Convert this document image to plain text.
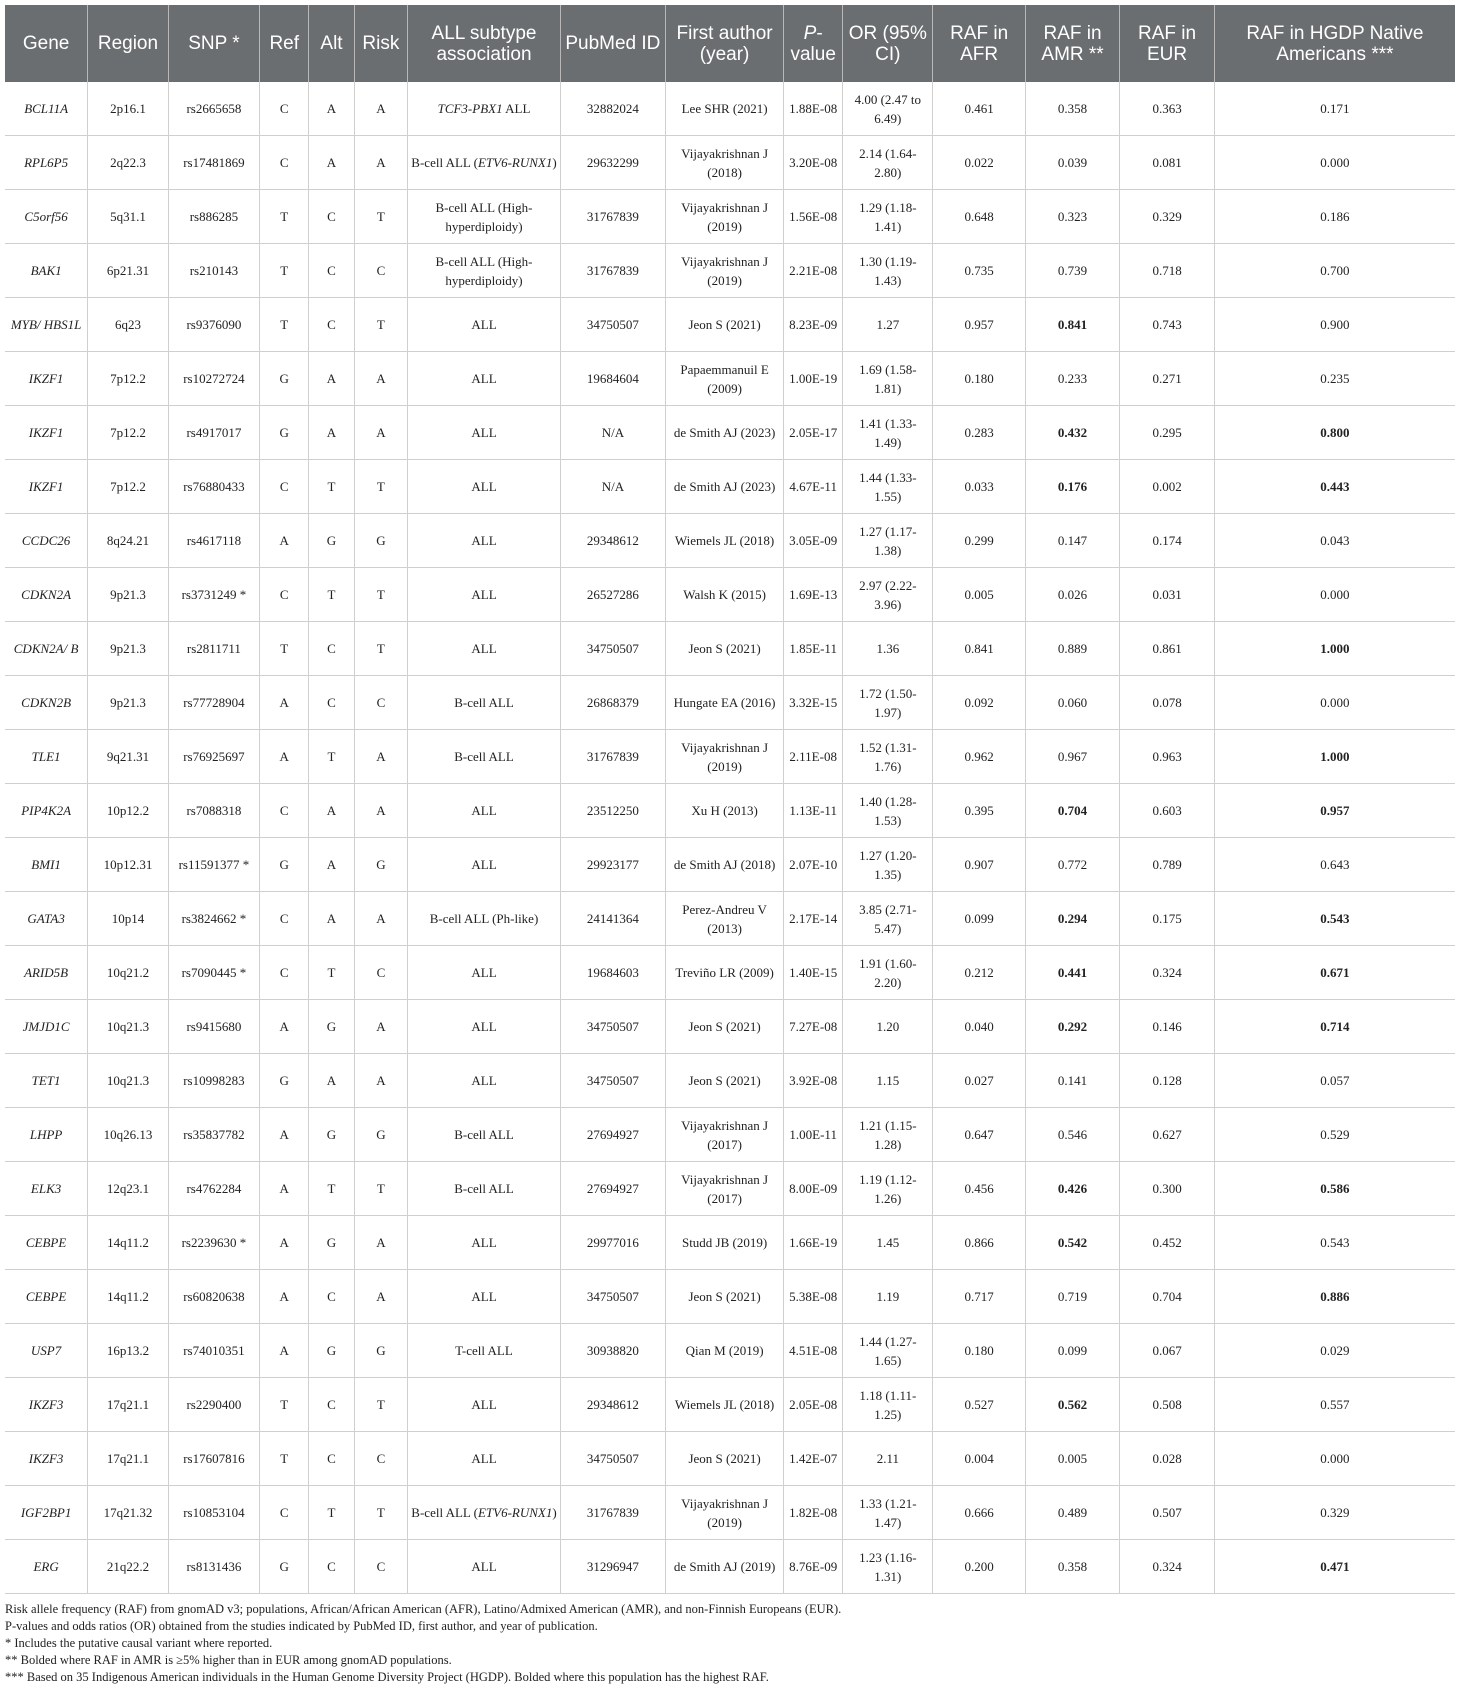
Gene	Region	SNP *	Ref	Alt	Risk	ALL subtype association	PubMed ID	First author (year)	P-value	OR (95% CI)	RAF in AFR	RAF in AMR **	RAF in EUR	RAF in HGDP Native Americans ***
BCL11A	2p16.1	rs2665658	C	A	A	TCF3-PBX1 ALL	32882024	Lee SHR (2021)	1.88E-08	4.00 (2.47 to 6.49)	0.461	0.358	0.363	0.171
RPL6P5	2q22.3	rs17481869	C	A	A	B-cell ALL (ETV6-RUNX1)	29632299	Vijayakrishnan J (2018)	3.20E-08	2.14 (1.64-2.80)	0.022	0.039	0.081	0.000
C5orf56	5q31.1	rs886285	T	C	T	B-cell ALL (High-hyperdiploidy)	31767839	Vijayakrishnan J (2019)	1.56E-08	1.29 (1.18-1.41)	0.648	0.323	0.329	0.186
BAK1	6p21.31	rs210143	T	C	C	B-cell ALL (High-hyperdiploidy)	31767839	Vijayakrishnan J (2019)	2.21E-08	1.30 (1.19-1.43)	0.735	0.739	0.718	0.700
MYB/ HBS1L	6q23	rs9376090	T	C	T	ALL	34750507	Jeon S (2021)	8.23E-09	1.27	0.957	0.841	0.743	0.900
IKZF1	7p12.2	rs10272724	G	A	A	ALL	19684604	Papaemmanuil E (2009)	1.00E-19	1.69 (1.58-1.81)	0.180	0.233	0.271	0.235
IKZF1	7p12.2	rs4917017	G	A	A	ALL	N/A	de Smith AJ (2023)	2.05E-17	1.41 (1.33-1.49)	0.283	0.432	0.295	0.800
IKZF1	7p12.2	rs76880433	C	T	T	ALL	N/A	de Smith AJ (2023)	4.67E-11	1.44 (1.33-1.55)	0.033	0.176	0.002	0.443
CCDC26	8q24.21	rs4617118	A	G	G	ALL	29348612	Wiemels JL (2018)	3.05E-09	1.27 (1.17-1.38)	0.299	0.147	0.174	0.043
CDKN2A	9p21.3	rs3731249 *	C	T	T	ALL	26527286	Walsh K (2015)	1.69E-13	2.97 (2.22-3.96)	0.005	0.026	0.031	0.000
CDKN2A/ B	9p21.3	rs2811711	T	C	T	ALL	34750507	Jeon S (2021)	1.85E-11	1.36	0.841	0.889	0.861	1.000
CDKN2B	9p21.3	rs77728904	A	C	C	B-cell ALL	26868379	Hungate EA (2016)	3.32E-15	1.72 (1.50-1.97)	0.092	0.060	0.078	0.000
TLE1	9q21.31	rs76925697	A	T	A	B-cell ALL	31767839	Vijayakrishnan J (2019)	2.11E-08	1.52 (1.31-1.76)	0.962	0.967	0.963	1.000
PIP4K2A	10p12.2	rs7088318	C	A	A	ALL	23512250	Xu H (2013)	1.13E-11	1.40 (1.28-1.53)	0.395	0.704	0.603	0.957
BMI1	10p12.31	rs11591377 *	G	A	G	ALL	29923177	de Smith AJ (2018)	2.07E-10	1.27 (1.20-1.35)	0.907	0.772	0.789	0.643
GATA3	10p14	rs3824662 *	C	A	A	B-cell ALL (Ph-like)	24141364	Perez-Andreu V (2013)	2.17E-14	3.85 (2.71-5.47)	0.099	0.294	0.175	0.543
ARID5B	10q21.2	rs7090445 *	C	T	C	ALL	19684603	Treviño LR (2009)	1.40E-15	1.91 (1.60-2.20)	0.212	0.441	0.324	0.671
JMJD1C	10q21.3	rs9415680	A	G	A	ALL	34750507	Jeon S (2021)	7.27E-08	1.20	0.040	0.292	0.146	0.714
TET1	10q21.3	rs10998283	G	A	A	ALL	34750507	Jeon S (2021)	3.92E-08	1.15	0.027	0.141	0.128	0.057
LHPP	10q26.13	rs35837782	A	G	G	B-cell ALL	27694927	Vijayakrishnan J (2017)	1.00E-11	1.21 (1.15-1.28)	0.647	0.546	0.627	0.529
ELK3	12q23.1	rs4762284	A	T	T	B-cell ALL	27694927	Vijayakrishnan J (2017)	8.00E-09	1.19 (1.12-1.26)	0.456	0.426	0.300	0.586
CEBPE	14q11.2	rs2239630 *	A	G	A	ALL	29977016	Studd JB (2019)	1.66E-19	1.45	0.866	0.542	0.452	0.543
CEBPE	14q11.2	rs60820638	A	C	A	ALL	34750507	Jeon S (2021)	5.38E-08	1.19	0.717	0.719	0.704	0.886
USP7	16p13.2	rs74010351	A	G	G	T-cell ALL	30938820	Qian M (2019)	4.51E-08	1.44 (1.27-1.65)	0.180	0.099	0.067	0.029
IKZF3	17q21.1	rs2290400	T	C	T	ALL	29348612	Wiemels JL (2018)	2.05E-08	1.18 (1.11-1.25)	0.527	0.562	0.508	0.557
IKZF3	17q21.1	rs17607816	T	C	C	ALL	34750507	Jeon S (2021)	1.42E-07	2.11	0.004	0.005	0.028	0.000
IGF2BP1	17q21.32	rs10853104	C	T	T	B-cell ALL (ETV6-RUNX1)	31767839	Vijayakrishnan J (2019)	1.82E-08	1.33 (1.21-1.47)	0.666	0.489	0.507	0.329
ERG	21q22.2	rs8131436	G	C	C	ALL	31296947	de Smith AJ (2019)	8.76E-09	1.23 (1.16-1.31)	0.200	0.358	0.324	0.471
Risk allele frequency (RAF) from gnomAD v3; populations, African/African American (AFR), Latino/Admixed American (AMR), and non-Finnish Europeans (EUR).
P-values and odds ratios (OR) obtained from the studies indicated by PubMed ID, first author, and year of publication.
* Includes the putative causal variant where reported.
** Bolded where RAF in AMR is ≥5% higher than in EUR among gnomAD populations.
*** Based on 35 Indigenous American individuals in the Human Genome Diversity Project (HGDP). Bolded where this population has the highest RAF.
